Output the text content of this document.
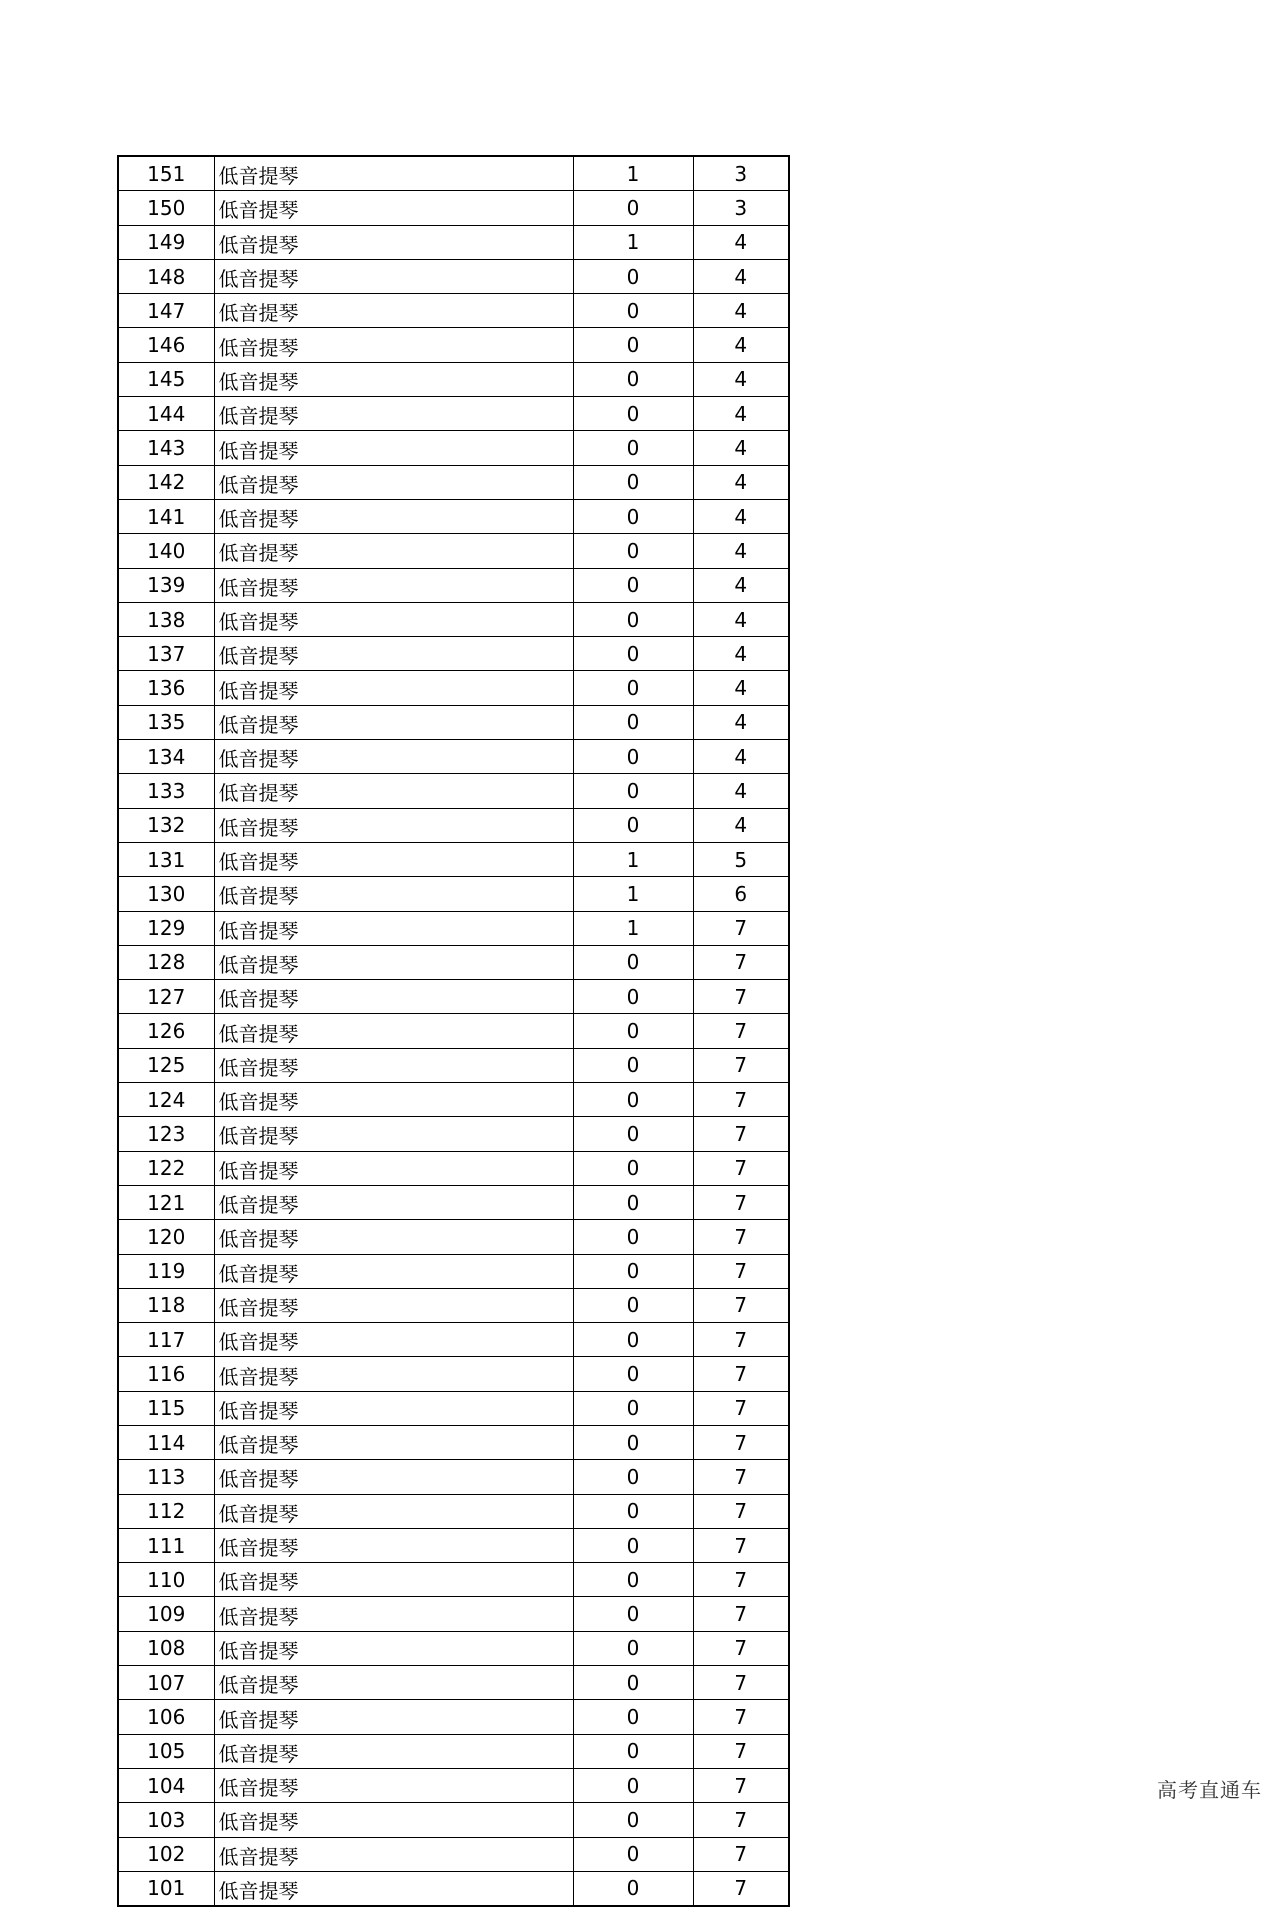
151	低音提琴	1	3
150	低音提琴	0	3
149	低音提琴	1	4
148	低音提琴	0	4
147	低音提琴	0	4
146	低音提琴	0	4
145	低音提琴	0	4
144	低音提琴	0	4
143	低音提琴	0	4
142	低音提琴	0	4
141	低音提琴	0	4
140	低音提琴	0	4
139	低音提琴	0	4
138	低音提琴	0	4
137	低音提琴	0	4
136	低音提琴	0	4
135	低音提琴	0	4
134	低音提琴	0	4
133	低音提琴	0	4
132	低音提琴	0	4
131	低音提琴	1	5
130	低音提琴	1	6
129	低音提琴	1	7
128	低音提琴	0	7
127	低音提琴	0	7
126	低音提琴	0	7
125	低音提琴	0	7
124	低音提琴	0	7
123	低音提琴	0	7
122	低音提琴	0	7
121	低音提琴	0	7
120	低音提琴	0	7
119	低音提琴	0	7
118	低音提琴	0	7
117	低音提琴	0	7
116	低音提琴	0	7
115	低音提琴	0	7
114	低音提琴	0	7
113	低音提琴	0	7
112	低音提琴	0	7
111	低音提琴	0	7
110	低音提琴	0	7
109	低音提琴	0	7
108	低音提琴	0	7
107	低音提琴	0	7
106	低音提琴	0	7
105	低音提琴	0	7
104	低音提琴	0	7
103	低音提琴	0	7
102	低音提琴	0	7
101	低音提琴	0	7
高考直通车
